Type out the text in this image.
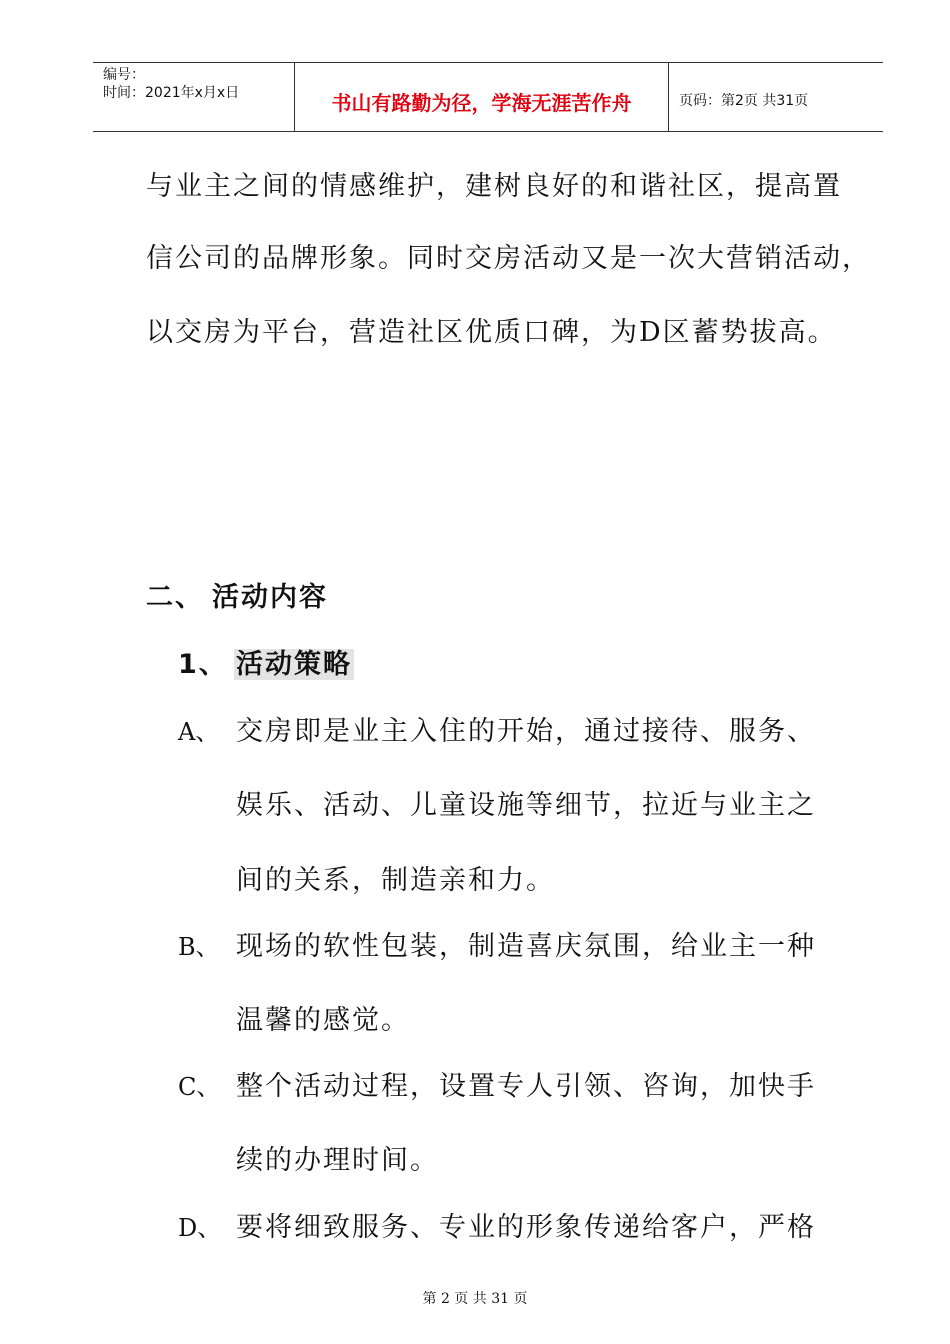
编号：
时间：2021年x月x日	书山有路勤为径，学海无涯苦作舟	页码：第2页 共31页
与业主之间的情感维护，建树良好的和谐社区，提高置
信公司的品牌形象。同时交房活动又是一次大营销活动，
以交房为平台，营造社区优质口碑，为D区蓄势拔高。
二、 活动内容
1、 活动策略
A、 交房即是业主入住的开始，通过接待、服务、
娱乐、活动、儿童设施等细节，拉近与业主之
间的关系，制造亲和力。
B、 现场的软性包装，制造喜庆氛围，给业主一种
温馨的感觉。
C、 整个活动过程，设置专人引领、咨询，加快手
续的办理时间。
D、 要将细致服务、专业的形象传递给客户，严格
第 2 页 共 31 页
